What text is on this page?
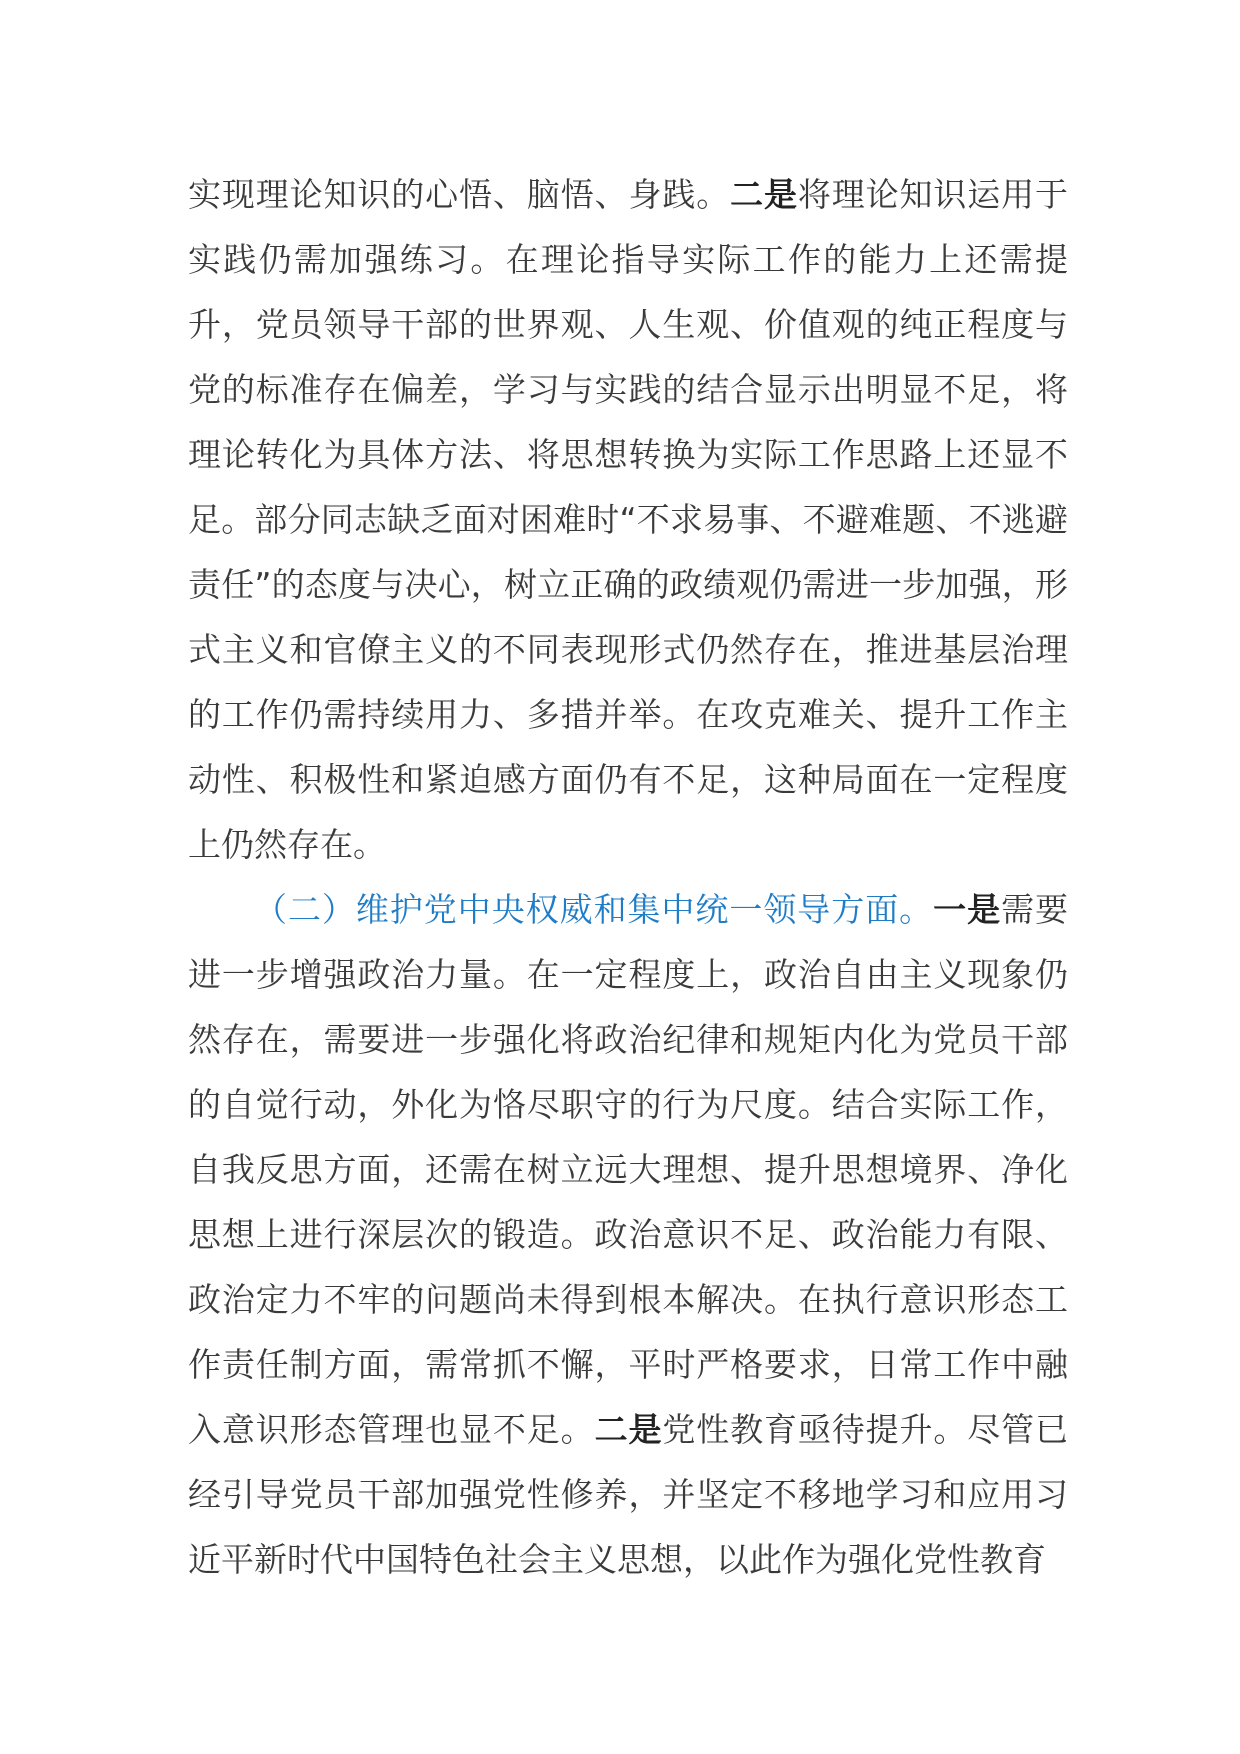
实现理论知识的心悟、脑悟、身践。二是将理论知识运用于实践仍需加强练习。在理论指导实际工作的能力上还需提升，党员领导干部的世界观、人生观、价值观的纯正程度与党的标准存在偏差，学习与实践的结合显示出明显不足，将理论转化为具体方法、将思想转换为实际工作思路上还显不足。部分同志缺乏面对困难时“不求易事、不避难题、不逃避责任”的态度与决心，树立正确的政绩观仍需进一步加强，形式主义和官僚主义的不同表现形式仍然存在，推进基层治理的工作仍需持续用力、多措并举。在攻克难关、提升工作主动性、积极性和紧迫感方面仍有不足，这种局面在一定程度上仍然存在。

（二）维护党中央权威和集中统一领导方面。一是需要进一步增强政治力量。在一定程度上，政治自由主义现象仍然存在，需要进一步强化将政治纪律和规矩内化为党员干部的自觉行动，外化为恪尽职守的行为尺度。结合实际工作，自我反思方面，还需在树立远大理想、提升思想境界、净化思想上进行深层次的锻造。政治意识不足、政治能力有限、政治定力不牢的问题尚未得到根本解决。在执行意识形态工作责任制方面，需常抓不懈，平时严格要求，日常工作中融入意识形态管理也显不足。二是党性教育亟待提升。尽管已经引导党员干部加强党性修养，并坚定不移地学习和应用习近平新时代中国特色社会主义思想，以此作为强化党性教育
